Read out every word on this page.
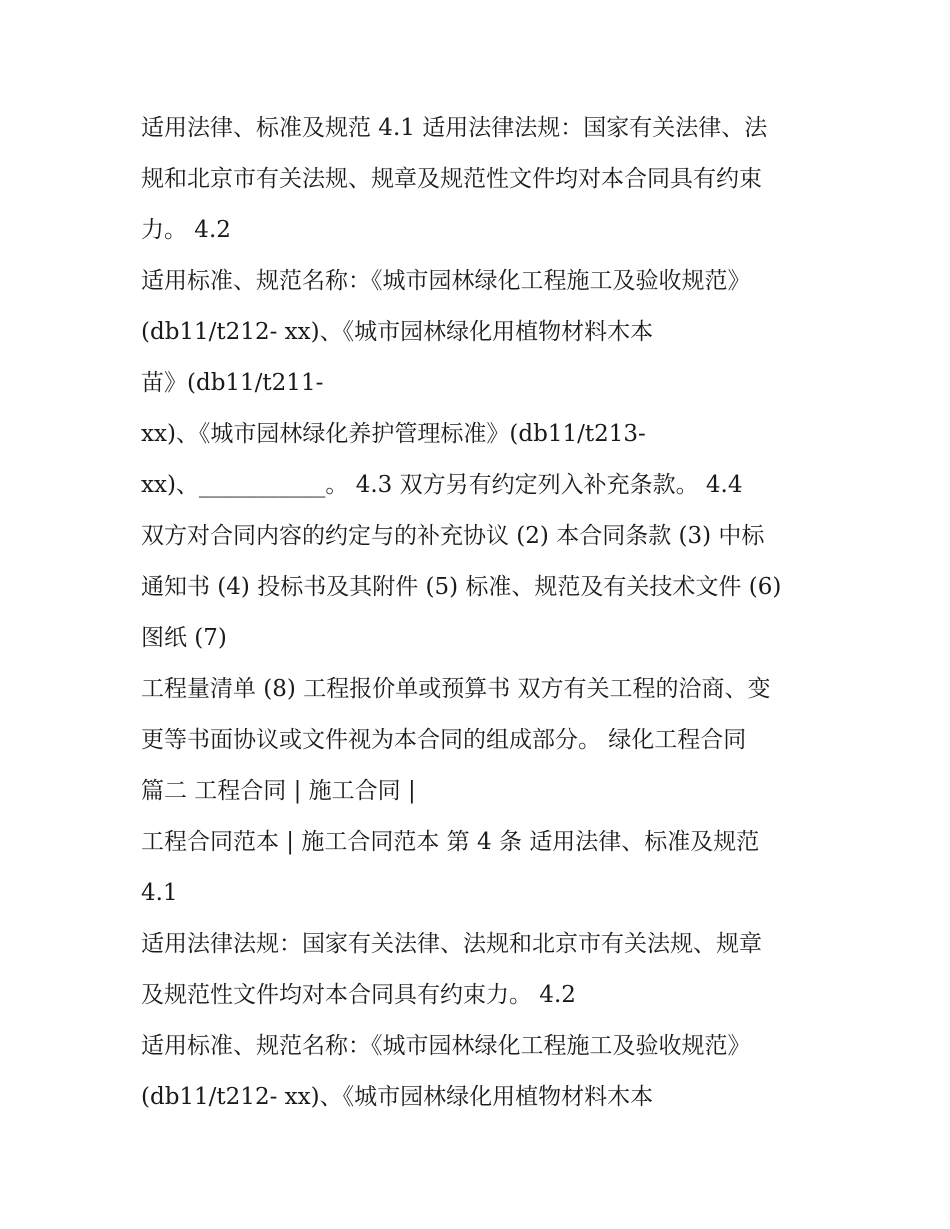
适用法律、标准及规范 4.1 适用法律法规：国家有关法律、法
规和北京市有关法规、规章及规范性文件均对本合同具有约束
力。 4.2
适用标准、规范名称：《城市园林绿化工程施工及验收规范》
(db11/t212- xx)、《城市园林绿化用植物材料木本
苗》(db11/t211-
xx)、《城市园林绿化养护管理标准》(db11/t213-
xx)、___________。 4.3 双方另有约定列入补充条款。 4.4
双方对合同内容的约定与的补充协议 (2) 本合同条款 (3) 中标
通知书 (4) 投标书及其附件 (5) 标准、规范及有关技术文件 (6)
图纸 (7)
工程量清单 (8) 工程报价单或预算书 双方有关工程的洽商、变
更等书面协议或文件视为本合同的组成部分。 绿化工程合同
篇二 工程合同 | 施工合同 |
工程合同范本 | 施工合同范本 第 4 条 适用法律、标准及规范
4.1
适用法律法规：国家有关法律、法规和北京市有关法规、规章
及规范性文件均对本合同具有约束力。 4.2
适用标准、规范名称：《城市园林绿化工程施工及验收规范》
(db11/t212- xx)、《城市园林绿化用植物材料木本
